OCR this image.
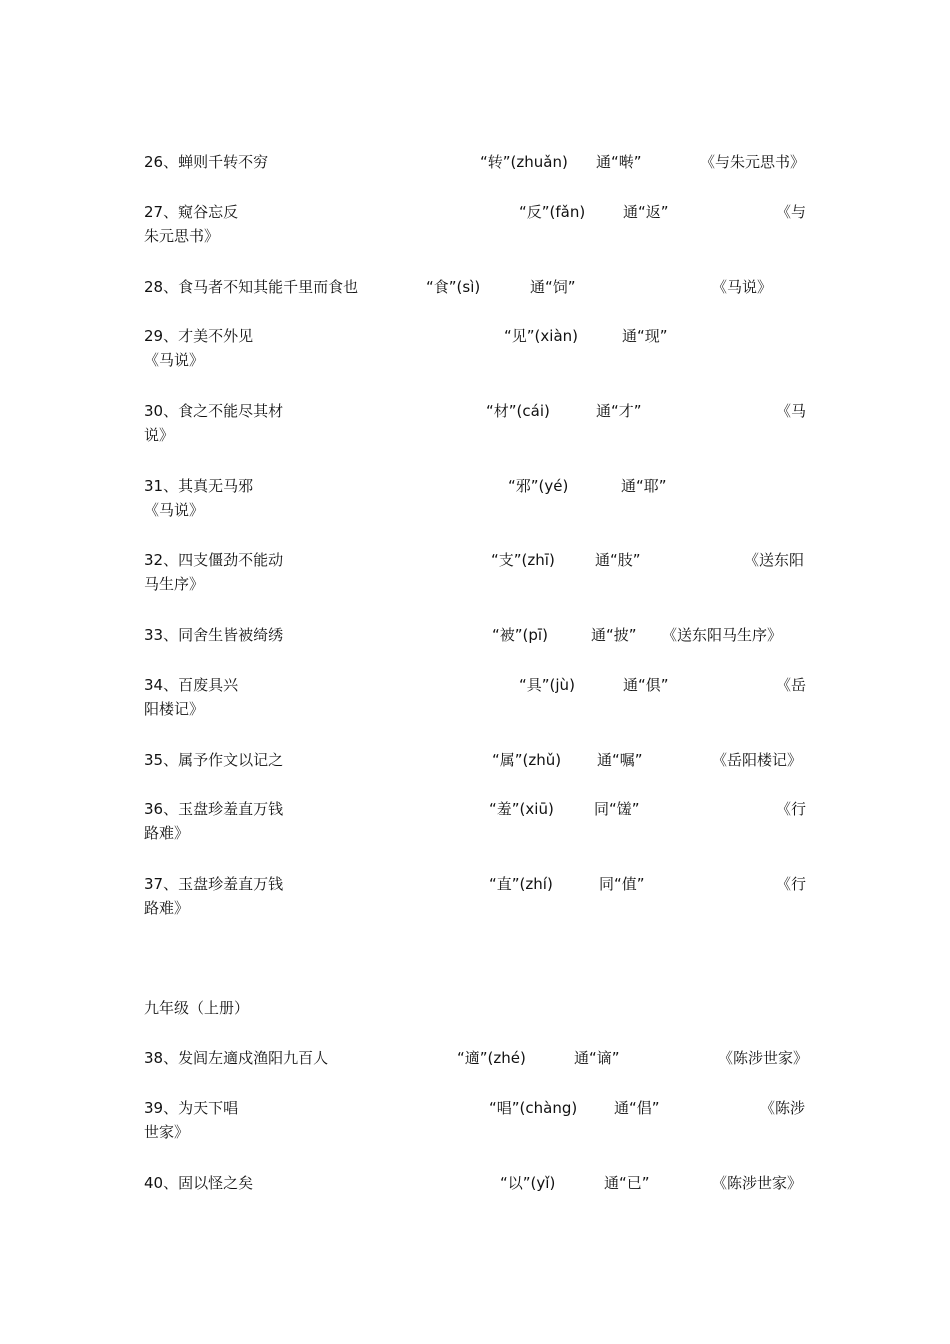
26、蝉则千转不穷	“转”(zhuǎn) 通“啭”	《与朱元思书》
27、窥谷忘反	“反”(fǎn)	通“返”	《与
朱元思书》
28、食马者不知其能千里而食也	“食”(sì)	通“饲”	《马说》
29、才美不外见	“见”(xiàn)	通“现”
《马说》
30、食之不能尽其材	“材”(cái)	通“才”	《马
说》
31、其真无马邪	“邪”(yé)	通“耶”
《马说》
32、四支僵劲不能动	“支”(zhī)	通“肢”	《送东阳
马生序》
33、同舍生皆被绮绣	“被”(pī)	通“披” 《送东阳马生序》
34、百废具兴	“具”(jù)	通“俱”	《岳
阳楼记》
35、属予作文以记之	“属”(zhǔ) 通“嘱”	《岳阳楼记》
36、玉盘珍羞直万钱	“羞”(xiū)	同“馐”	《行
路难》
37、玉盘珍羞直万钱	“直”(zhí)	同“值”	《行
路难》
九年级（上册）
38、发闾左適戍渔阳九百人	“適”(zhé)	通“谪”	《陈涉世家》
39、为天下唱	“唱”(chàng) 通“倡”	《陈涉
世家》
40、固以怪之矣	“以”(yǐ)	通“已”	《陈涉世家》
